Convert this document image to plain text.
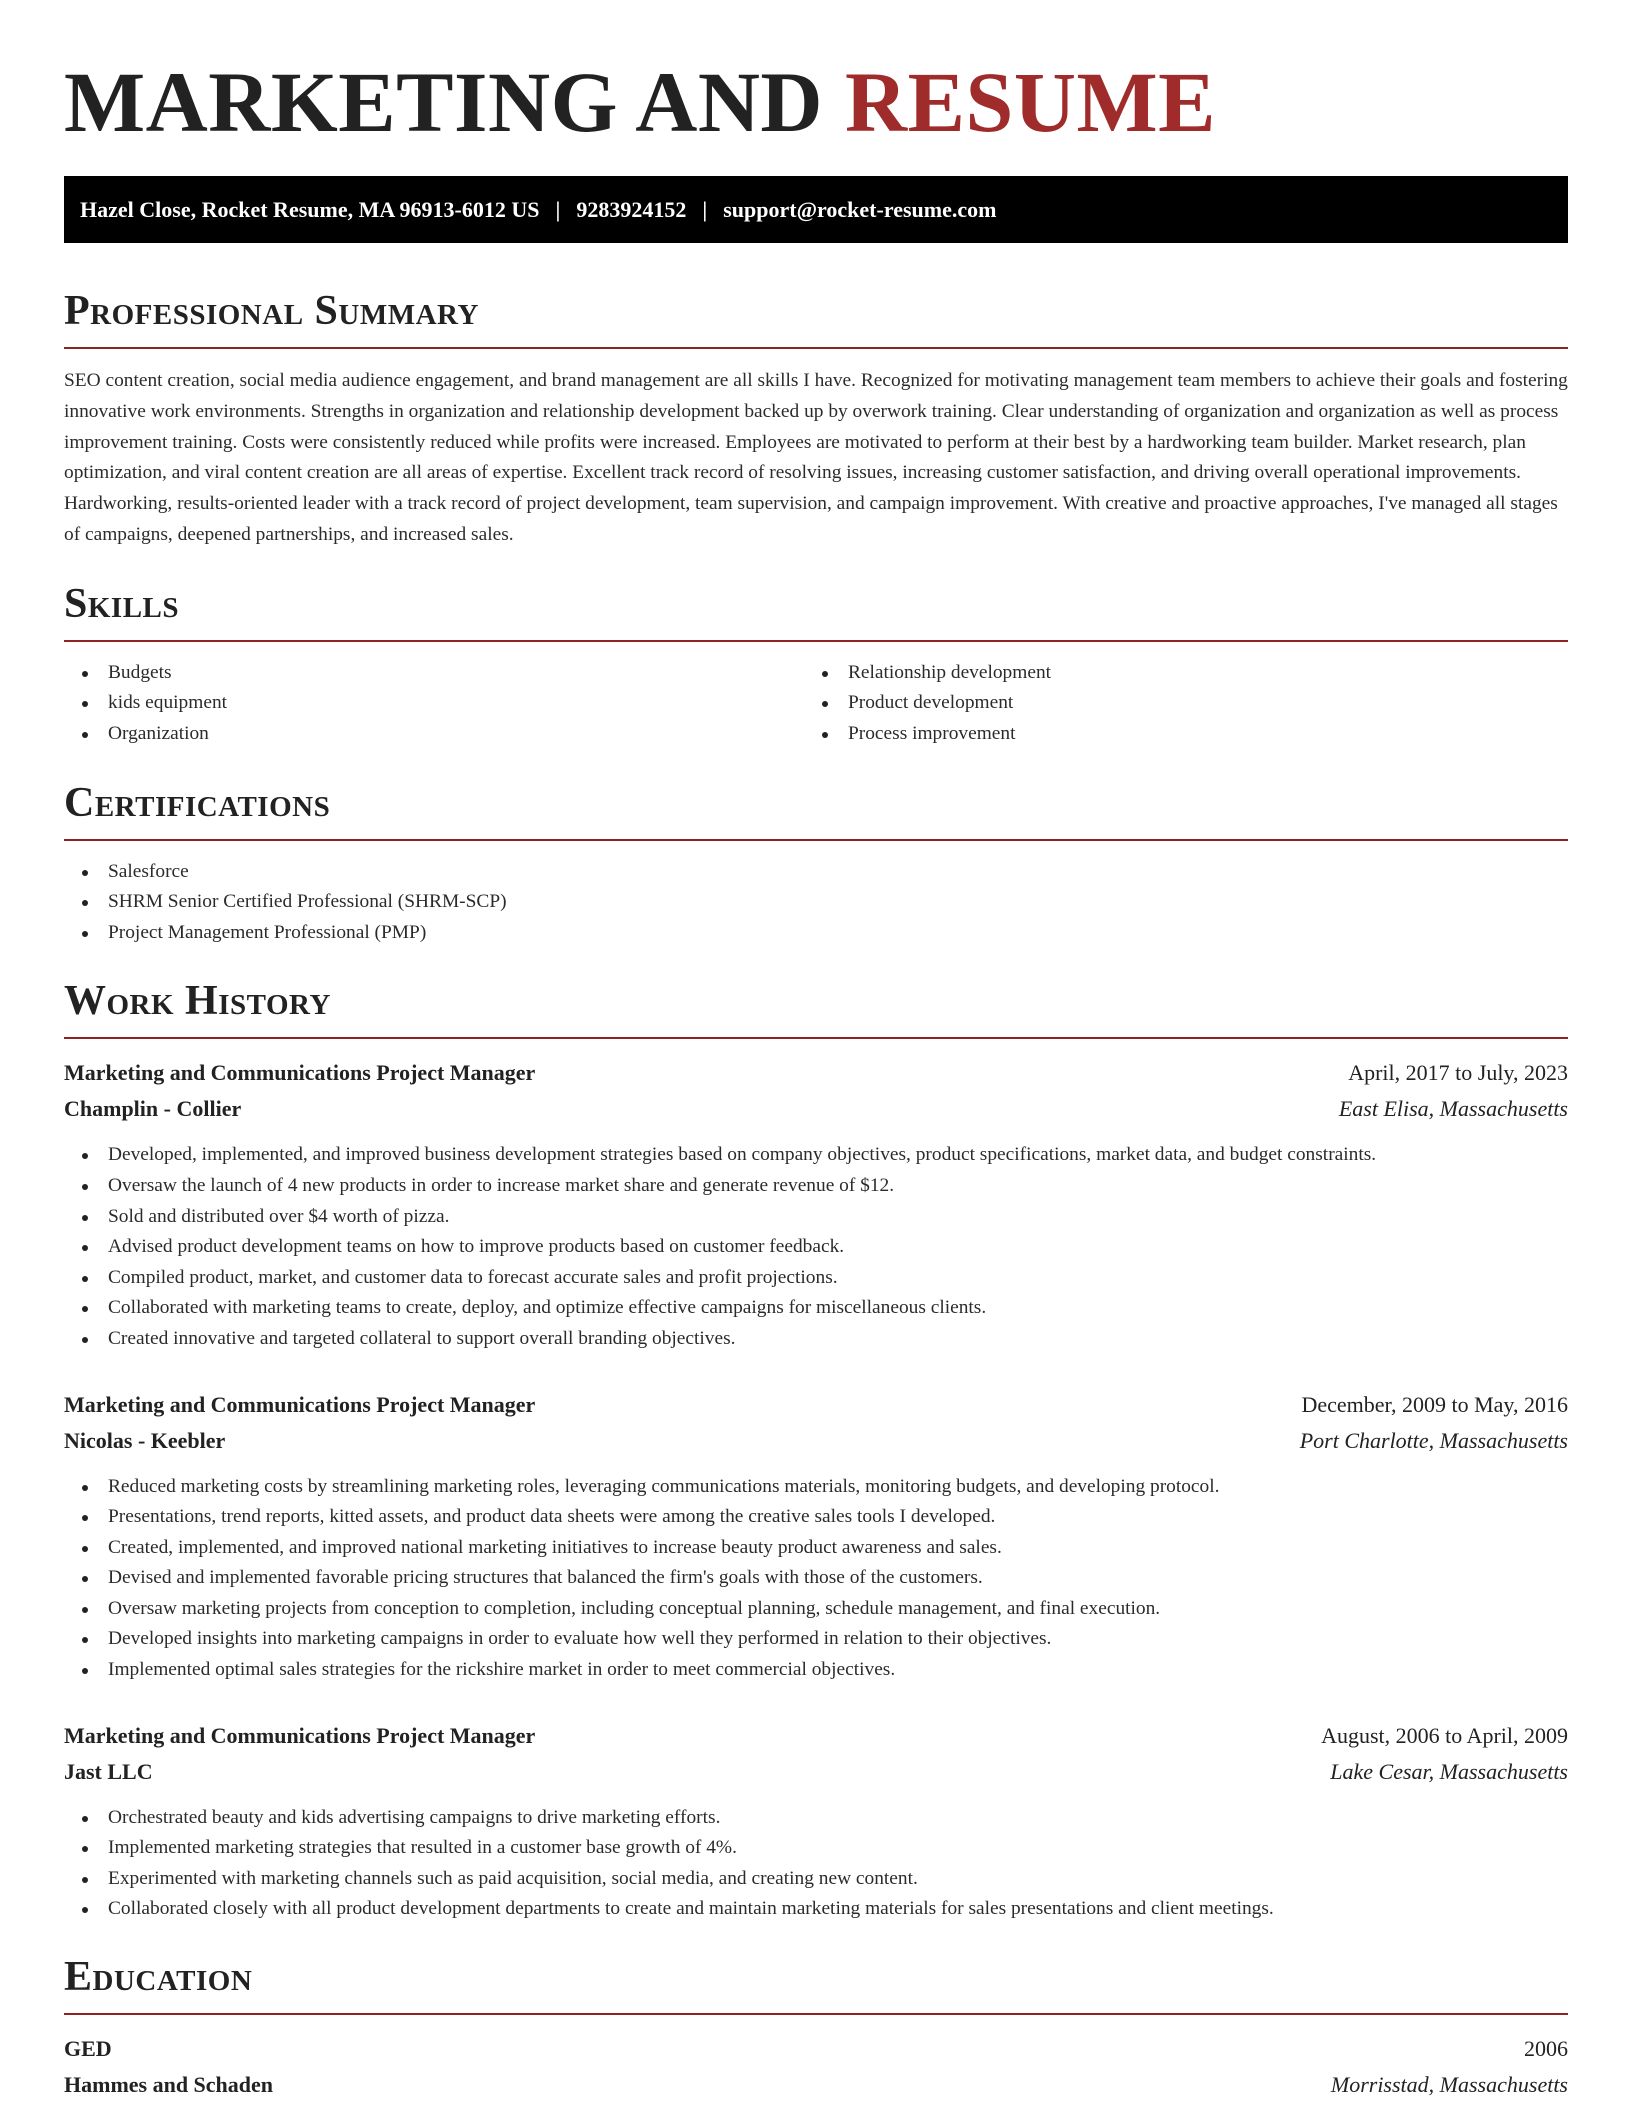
MARKETING AND RESUME
Hazel Close, Rocket Resume, MA 96913-6012 US | 9283924152 | support@rocket-resume.com
Professional Summary

SEO content creation, social media audience engagement, and brand management are all skills I have. Recognized for motivating management team members to achieve their goals and fostering innovative work environments. Strengths in organization and relationship development backed up by overwork training. Clear understanding of organization and organization as well as process improvement training. Costs were consistently reduced while profits were increased. Employees are motivated to perform at their best by a hardworking team builder. Market research, plan optimization, and viral content creation are all areas of expertise. Excellent track record of resolving issues, increasing customer satisfaction, and driving overall operational improvements. Hardworking, results-oriented leader with a track record of project development, team supervision, and campaign improvement. With creative and proactive approaches, I've managed all stages of campaigns, deepened partnerships, and increased sales.

Skills
Budgets
kids equipment
Organization
Relationship development
Product development
Process improvement
Certifications
Salesforce
SHRM Senior Certified Professional (SHRM-SCP)
Project Management Professional (PMP)
Work History
Marketing and Communications Project Manager	April, 2017 to July, 2023
Champlin - Collier	East Elisa, Massachusetts
Developed, implemented, and improved business development strategies based on company objectives, product specifications, market data, and budget constraints.
Oversaw the launch of 4 new products in order to increase market share and generate revenue of $12.
Sold and distributed over $4 worth of pizza.
Advised product development teams on how to improve products based on customer feedback.
Compiled product, market, and customer data to forecast accurate sales and profit projections.
Collaborated with marketing teams to create, deploy, and optimize effective campaigns for miscellaneous clients.
Created innovative and targeted collateral to support overall branding objectives.
Marketing and Communications Project Manager	December, 2009 to May, 2016
Nicolas - Keebler	Port Charlotte, Massachusetts
Reduced marketing costs by streamlining marketing roles, leveraging communications materials, monitoring budgets, and developing protocol.
Presentations, trend reports, kitted assets, and product data sheets were among the creative sales tools I developed.
Created, implemented, and improved national marketing initiatives to increase beauty product awareness and sales.
Devised and implemented favorable pricing structures that balanced the firm's goals with those of the customers.
Oversaw marketing projects from conception to completion, including conceptual planning, schedule management, and final execution.
Developed insights into marketing campaigns in order to evaluate how well they performed in relation to their objectives.
Implemented optimal sales strategies for the rickshire market in order to meet commercial objectives.
Marketing and Communications Project Manager	August, 2006 to April, 2009
Jast LLC	Lake Cesar, Massachusetts
Orchestrated beauty and kids advertising campaigns to drive marketing efforts.
Implemented marketing strategies that resulted in a customer base growth of 4%.
Experimented with marketing channels such as paid acquisition, social media, and creating new content.
Collaborated closely with all product development departments to create and maintain marketing materials for sales presentations and client meetings.
Education
GED	2006
Hammes and Schaden	Morrisstad, Massachusetts
